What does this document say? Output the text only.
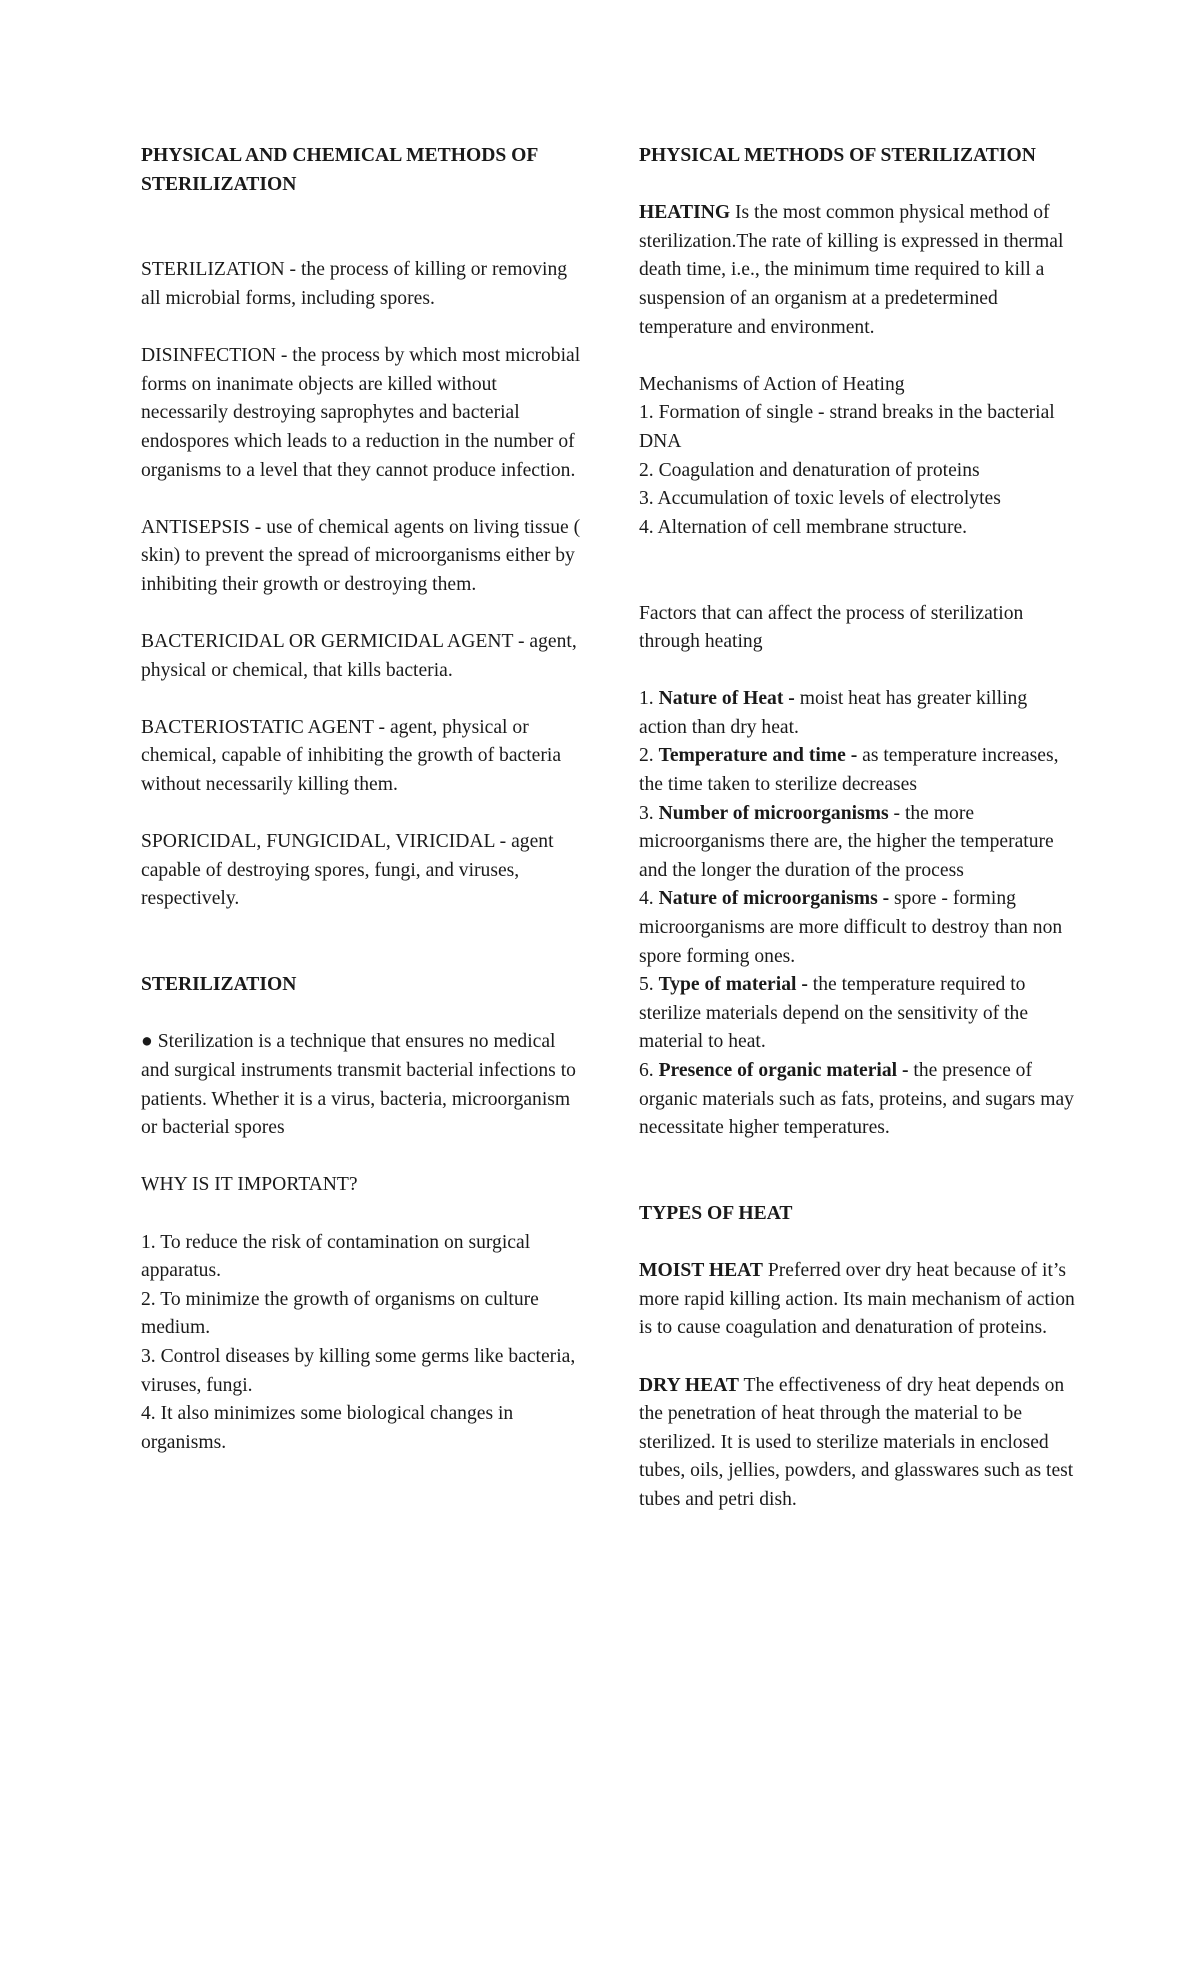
PHYSICAL AND CHEMICAL METHODS OF STERILIZATION

STERILIZATION - the process of killing or removing all microbial forms, including spores.

DISINFECTION - the process by which most microbial forms on inanimate objects are killed without necessarily destroying saprophytes and bacterial endospores which leads to a reduction in the number of organisms to a level that they cannot produce infection.

ANTISEPSIS - use of chemical agents on living tissue ( skin) to prevent the spread of microorganisms either by inhibiting their growth or destroying them.

BACTERICIDAL OR GERMICIDAL AGENT - agent, physical or chemical, that kills bacteria.

BACTERIOSTATIC AGENT - agent, physical or chemical, capable of inhibiting the growth of bacteria without necessarily killing them.

SPORICIDAL, FUNGICIDAL, VIRICIDAL - agent capable of destroying spores, fungi, and viruses, respectively.

STERILIZATION

● Sterilization is a technique that ensures no medical and surgical instruments transmit bacterial infections to patients. Whether it is a virus, bacteria, microorganism or bacterial spores

WHY IS IT IMPORTANT?

1. To reduce the risk of contamination on surgical apparatus.

2. To minimize the growth of organisms on culture medium.

3. Control diseases by killing some germs like bacteria, viruses, fungi.

4. It also minimizes some biological changes in organisms.

PHYSICAL METHODS OF STERILIZATION

HEATING Is the most common physical method of sterilization.The rate of killing is expressed in thermal death time, i.e., the minimum time required to kill a suspension of an organism at a predetermined temperature and environment.

Mechanisms of Action of Heating

1. Formation of single - strand breaks in the bacterial DNA

2. Coagulation and denaturation of proteins

3. Accumulation of toxic levels of electrolytes

4. Alternation of cell membrane structure.

Factors that can affect the process of sterilization through heating

1. Nature of Heat - moist heat has greater killing action than dry heat.

2. Temperature and time - as temperature increases, the time taken to sterilize decreases

3. Number of microorganisms - the more microorganisms there are, the higher the temperature and the longer the duration of the process

4. Nature of microorganisms - spore - forming microorganisms are more difficult to destroy than non spore forming ones.

5. Type of material - the temperature required to sterilize materials depend on the sensitivity of the material to heat.

6. Presence of organic material - the presence of organic materials such as fats, proteins, and sugars may necessitate higher temperatures.

TYPES OF HEAT

MOIST HEAT Preferred over dry heat because of it’s more rapid killing action. Its main mechanism of action is to cause coagulation and denaturation of proteins.

DRY HEAT The effectiveness of dry heat depends on the penetration of heat through the material to be sterilized. It is used to sterilize materials in enclosed tubes, oils, jellies, powders, and glasswares such as test tubes and petri dish.
